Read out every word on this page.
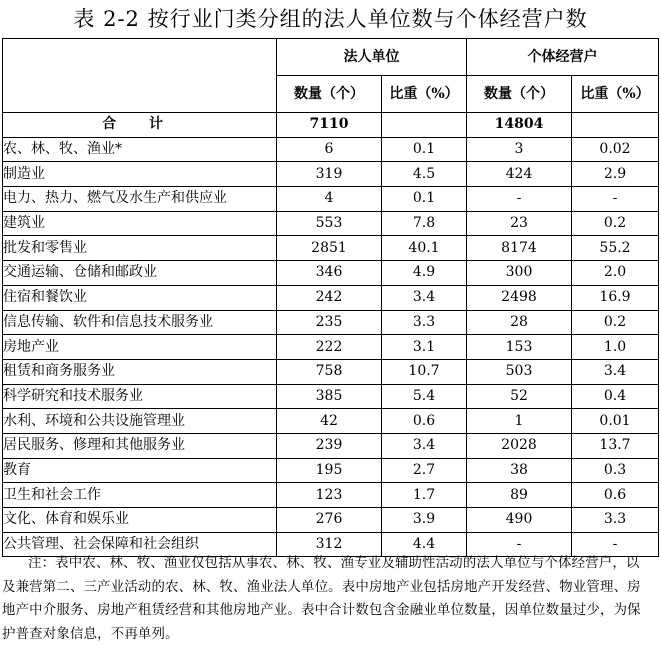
表 2-2 按行业门类分组的法人单位数与个体经营户数
	法人单位		个体经营户	
	数量（个）	比重（%）	数量（个）	比重（%）
合 计	7110		14804	
农、林、牧、渔业*	6	0.1	3	0.02
制造业	319	4.5	424	2.9
电力、热力、燃气及水生产和供应业	4	0.1	-	-
建筑业	553	7.8	23	0.2
批发和零售业	2851	40.1	8174	55.2
交通运输、仓储和邮政业	346	4.9	300	2.0
住宿和餐饮业	242	3.4	2498	16.9
信息传输、软件和信息技术服务业	235	3.3	28	0.2
房地产业	222	3.1	153	1.0
租赁和商务服务业	758	10.7	503	3.4
科学研究和技术服务业	385	5.4	52	0.4
水利、环境和公共设施管理业	42	0.6	1	0.01
居民服务、修理和其他服务业	239	3.4	2028	13.7
教育	195	2.7	38	0.3
卫生和社会工作	123	1.7	89	0.6
文化、体育和娱乐业	276	3.9	490	3.3
公共管理、社会保障和社会组织	312	4.4	-	-
注：表中农、林、牧、渔业仅包括从事农、林、牧、渔专业及辅助性活动的法人单位与个体经营户，以及兼营第二、三产业活动的农、林、牧、渔业法人单位。表中房地产业包括房地产开发经营、物业管理、房地产中介服务、房地产租赁经营和其他房地产业。表中合计数包含金融业单位数量，因单位数量过少，为保护普查对象信息，不再单列。
